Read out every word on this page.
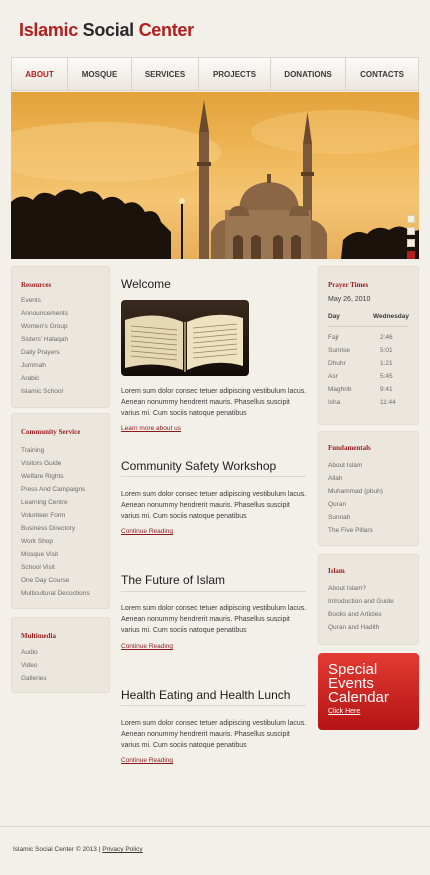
Islamic Social Center
ABOUT	MOSQUE	SERVICES	PROJECTS	DONATIONS	CONTACTS
Resources
Events
Announcements
Women's Group
Sisters' Halaqah
Daily Prayers
Jummah
Arabic
Islamic School
Community Service
Training
Visitors Guide
Welfare Rights
Press And Campaigns
Learning Centre
Volunteer Form
Business Directory
Work Shop
Mosque Visit
School Visit
One Day Course
Multicultural Decoctions
Multimedia
Audio
Video
Galleries
Welcome
Lorem sum dolor consec tetuer adipiscing vestibulum lacus. Aenean nonummy hendrerit mauris. Phasellus suscipit varius mi. Cum sociis natoque penatibus
Learn more about us
Community Safety Workshop
Lorem sum dolor consec tetuer adipiscing vestibulum lacus. Aenean nonummy hendrerit mauris. Phasellus suscipit varius mi. Cum sociis natoque penatibus
Continue Reading
The Future of Islam
Lorem sum dolor consec tetuer adipiscing vestibulum lacus. Aenean nonummy hendrerit mauris. Phasellus suscipit varius mi. Cum sociis natoque penatibus
Continue Reading
Health Eating and Health Lunch
Lorem sum dolor consec tetuer adipiscing vestibulum lacus. Aenean nonummy hendrerit mauris. Phasellus suscipit varius mi. Cum sociis natoque penatibus
Continue Reading
Prayer Times
May 26, 2010
Day	Wednesday
Fajr	2:46
Sunrise	5:01
Dhuhr	1:21
Asr	5:45
Maghrib	9:41
Isha	11:44
Fundamentals
About Islam
Allah
Muhammad (pbuh)
Quran
Sunnah
The Five Pillars
Islam
About Islam?
Introduction and Guide
Books and Articles
Quran and Hadith
Special
Events
Calendar
Click Here
Islamic Social Center © 2013 | Privacy Policy
